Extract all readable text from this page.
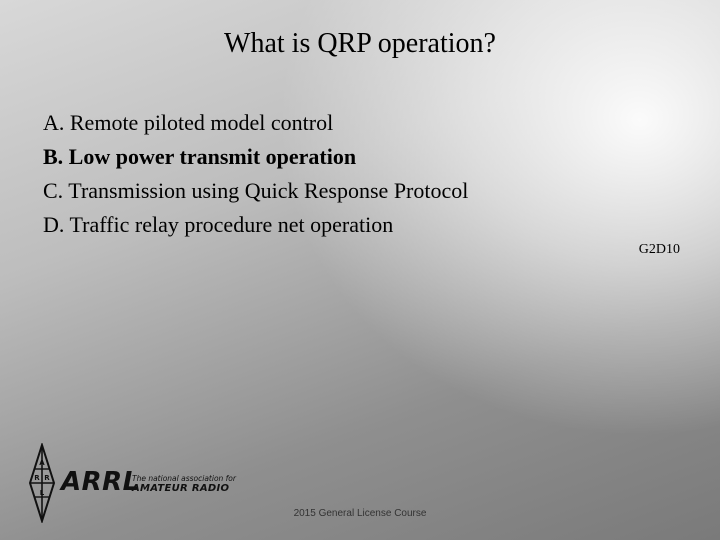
What is QRP operation?
A. Remote piloted model control
B. Low power transmit operation
C. Transmission using Quick Response Protocol
D. Traffic relay procedure net operation
G2D10
A
R R
L ARRL
The national association for
AMATEUR RADIO
2015 General License Course
